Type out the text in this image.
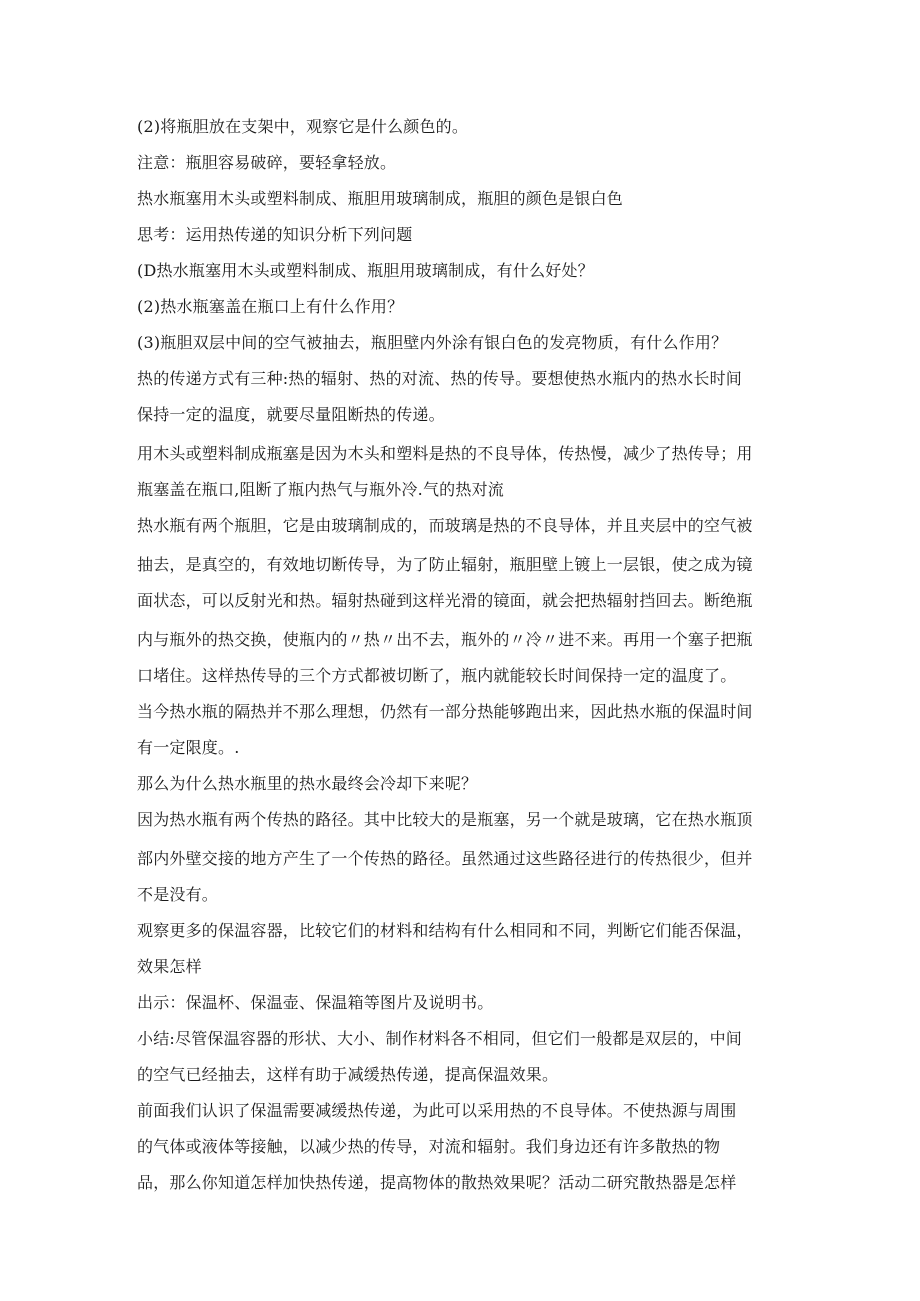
(2)将瓶胆放在支架中，观察它是什么颜色的。
注意：瓶胆容易破碎，要轻拿轻放。
热水瓶塞用木头或塑料制成、瓶胆用玻璃制成，瓶胆的颜色是银白色
思考：运用热传递的知识分析下列问题
(D热水瓶塞用木头或塑料制成、瓶胆用玻璃制成，有什么好处？
(2)热水瓶塞盖在瓶口上有什么作用？
(3)瓶胆双层中间的空气被抽去，瓶胆壁内外涂有银白色的发亮物质，有什么作用？
热的传递方式有三种:热的辐射、热的对流、热的传导。要想使热水瓶内的热水长时间
保持一定的温度，就要尽量阻断热的传递。
用木头或塑料制成瓶塞是因为木头和塑料是热的不良导体，传热慢，减少了热传导；用
瓶塞盖在瓶口,阻断了瓶内热气与瓶外冷.气的热对流
热水瓶有两个瓶胆，它是由玻璃制成的，而玻璃是热的不良导体，并且夹层中的空气被
抽去，是真空的，有效地切断传导，为了防止辐射，瓶胆壁上镀上一层银，使之成为镜
面状态，可以反射光和热。辐射热碰到这样光滑的镜面，就会把热辐射挡回去。断绝瓶
内与瓶外的热交换，使瓶内的〃热〃出不去，瓶外的〃冷〃进不来。再用一个塞子把瓶
口堵住。这样热传导的三个方式都被切断了，瓶内就能较长时间保持一定的温度了。
当今热水瓶的隔热并不那么理想，仍然有一部分热能够跑出来，因此热水瓶的保温时间
有一定限度。.
那么为什么热水瓶里的热水最终会冷却下来呢？
因为热水瓶有两个传热的路径。其中比较大的是瓶塞，另一个就是玻璃，它在热水瓶顶
部内外壁交接的地方产生了一个传热的路径。虽然通过这些路径进行的传热很少，但并
不是没有。
观察更多的保温容器，比较它们的材料和结构有什么相同和不同，判断它们能否保温，
效果怎样
出示：保温杯、保温壶、保温箱等图片及说明书。
小结:尽管保温容器的形状、大小、制作材料各不相同，但它们一般都是双层的，中间
的空气已经抽去，这样有助于减缓热传递，提高保温效果。
前面我们认识了保温需要减缓热传递，为此可以采用热的不良导体。不使热源与周围
的气体或液体等接触，以减少热的传导，对流和辐射。我们身边还有许多散热的物
品，那么你知道怎样加快热传递，提高物体的散热效果呢？活动二研究散热器是怎样
